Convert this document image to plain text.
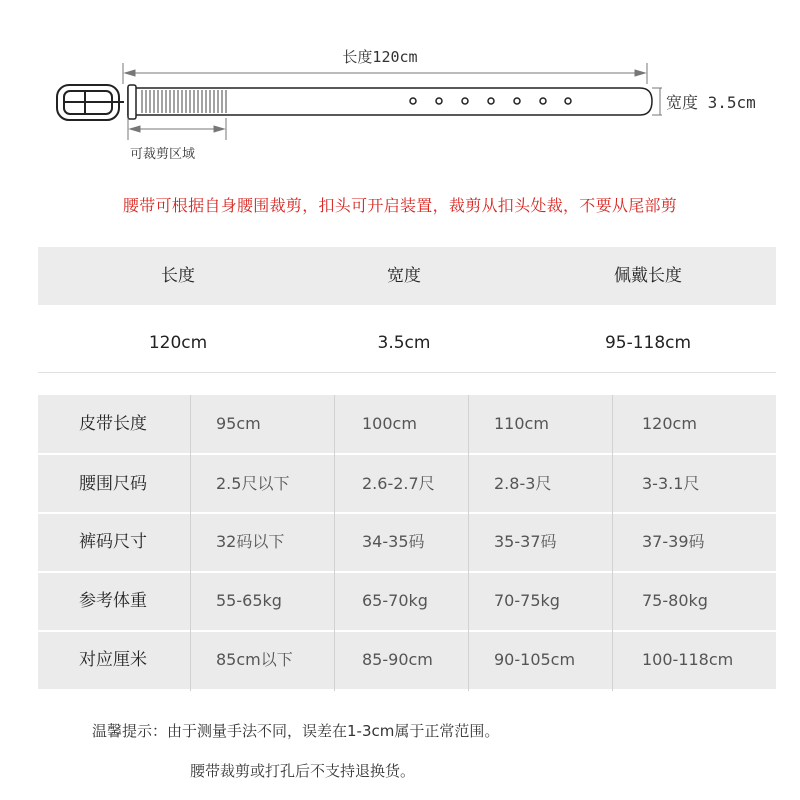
长度120cm
宽度 3.5cm
可裁剪区域
腰带可根据自身腰围裁剪，扣头可开启装置，裁剪从扣头处裁，不要从尾部剪
长度	宽度	佩戴长度
120cm	3.5cm	95-118cm
皮带长度	95cm	100cm	110cm	120cm
腰围尺码	2.5尺以下	2.6-2.7尺	2.8-3尺	3-3.1尺
裤码尺寸	32码以下	34-35码	35-37码	37-39码
参考体重	55-65kg	65-70kg	70-75kg	75-80kg
对应厘米	85cm以下	85-90cm	90-105cm	100-118cm
温馨提示：由于测量手法不同，误差在1-3cm属于正常范围。
腰带裁剪或打孔后不支持退换货。
